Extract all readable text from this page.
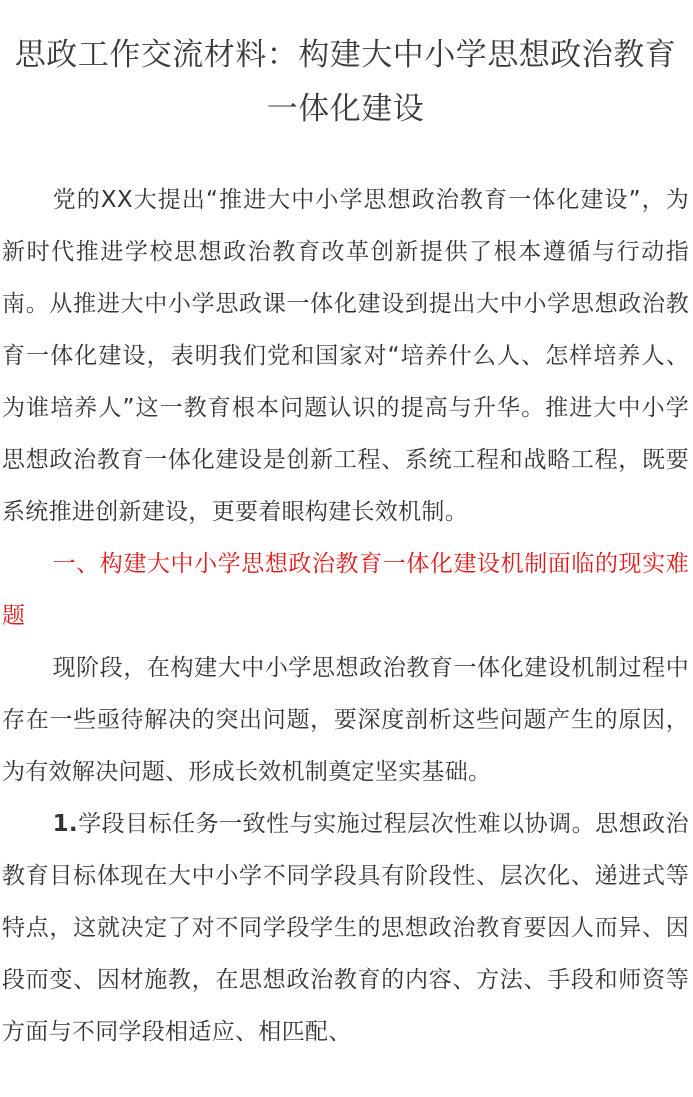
思政工作交流材料：构建大中小学思想政治教育一体化建设

党的XX大提出“推进大中小学思想政治教育一体化建设”，为新时代推进学校思想政治教育改革创新提供了根本遵循与行动指南。从推进大中小学思政课一体化建设到提出大中小学思想政治教育一体化建设，表明我们党和国家对“培养什么人、怎样培养人、为谁培养人”这一教育根本问题认识的提高与升华。推进大中小学思想政治教育一体化建设是创新工程、系统工程和战略工程，既要系统推进创新建设，更要着眼构建长效机制。

一、构建大中小学思想政治教育一体化建设机制面临的现实难题

现阶段，在构建大中小学思想政治教育一体化建设机制过程中存在一些亟待解决的突出问题，要深度剖析这些问题产生的原因，为有效解决问题、形成长效机制奠定坚实基础。

1.学段目标任务一致性与实施过程层次性难以协调。思想政治教育目标体现在大中小学不同学段具有阶段性、层次化、递进式等特点，这就决定了对不同学段学生的思想政治教育要因人而异、因段而变、因材施教，在思想政治教育的内容、方法、手段和师资等方面与不同学段相适应、相匹配、
